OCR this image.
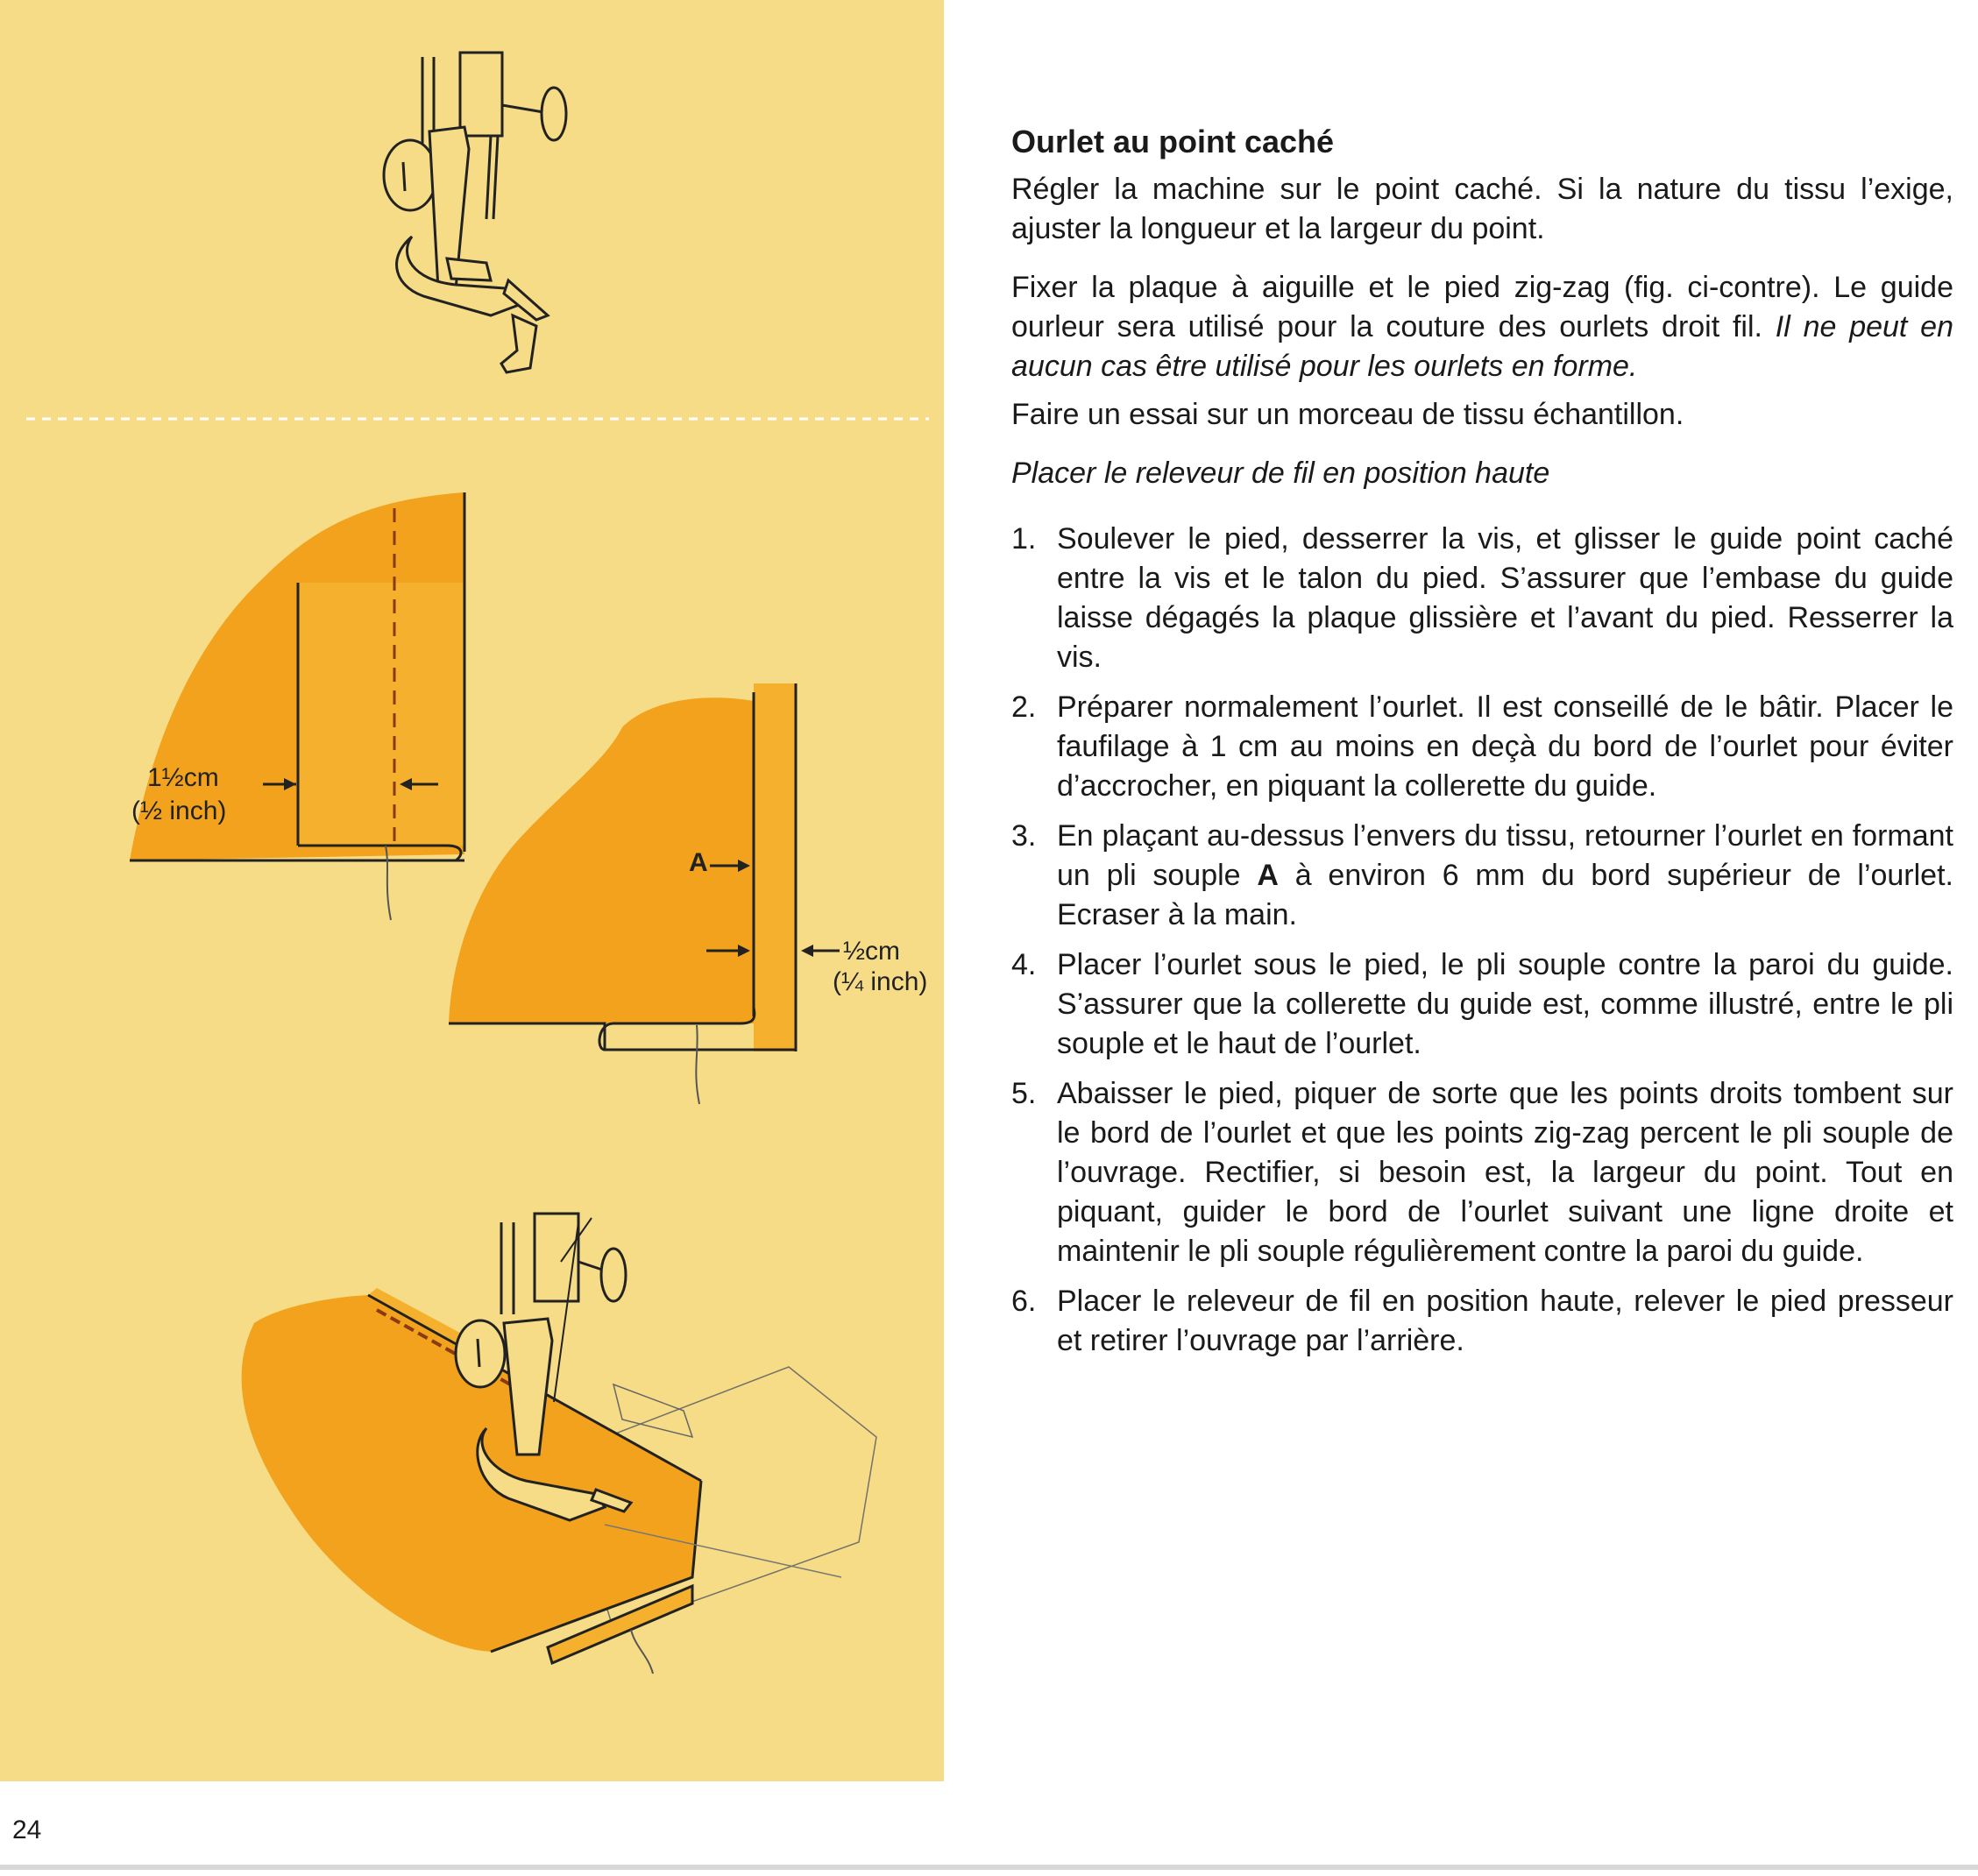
1½cm
(½ inch)
A
½cm
(¼ inch)
Ourlet au point caché

Régler la machine sur le point caché. Si la nature du tissu l’exige, ajuster la longueur et la largeur du point.

Fixer la plaque à aiguille et le pied zig-zag (fig. ci-contre). Le guide ourleur sera utilisé pour la couture des ourlets droit fil. Il ne peut en aucun cas être utilisé pour les ourlets en forme.

Faire un essai sur un morceau de tissu échantillon.

Placer le releveur de fil en position haute

1. Soulever le pied, desserrer la vis, et glisser le guide point caché entre la vis et le talon du pied. S’assurer que l’embase du guide laisse dégagés la plaque glissière et l’avant du pied. Resserrer la vis.
2. Préparer normalement l’ourlet. Il est conseillé de le bâtir. Placer le faufilage à 1 cm au moins en deçà du bord de l’ourlet pour éviter d’accrocher, en piquant la collerette du guide.
3. En plaçant au-dessus l’envers du tissu, retourner l’ourlet en formant un pli souple A à environ 6 mm du bord supérieur de l’ourlet. Ecraser à la main.
4. Placer l’ourlet sous le pied, le pli souple contre la paroi du guide. S’assurer que la collerette du guide est, comme illustré, entre le pli souple et le haut de l’ourlet.
5. Abaisser le pied, piquer de sorte que les points droits tombent sur le bord de l’ourlet et que les points zig-zag percent le pli souple de l’ouvrage. Rectifier, si besoin est, la largeur du point. Tout en piquant, guider le bord de l’ourlet suivant une ligne droite et maintenir le pli souple régulièrement contre la paroi du guide.
6. Placer le releveur de fil en position haute, relever le pied presseur et retirer l’ouvrage par l’arrière.
24
